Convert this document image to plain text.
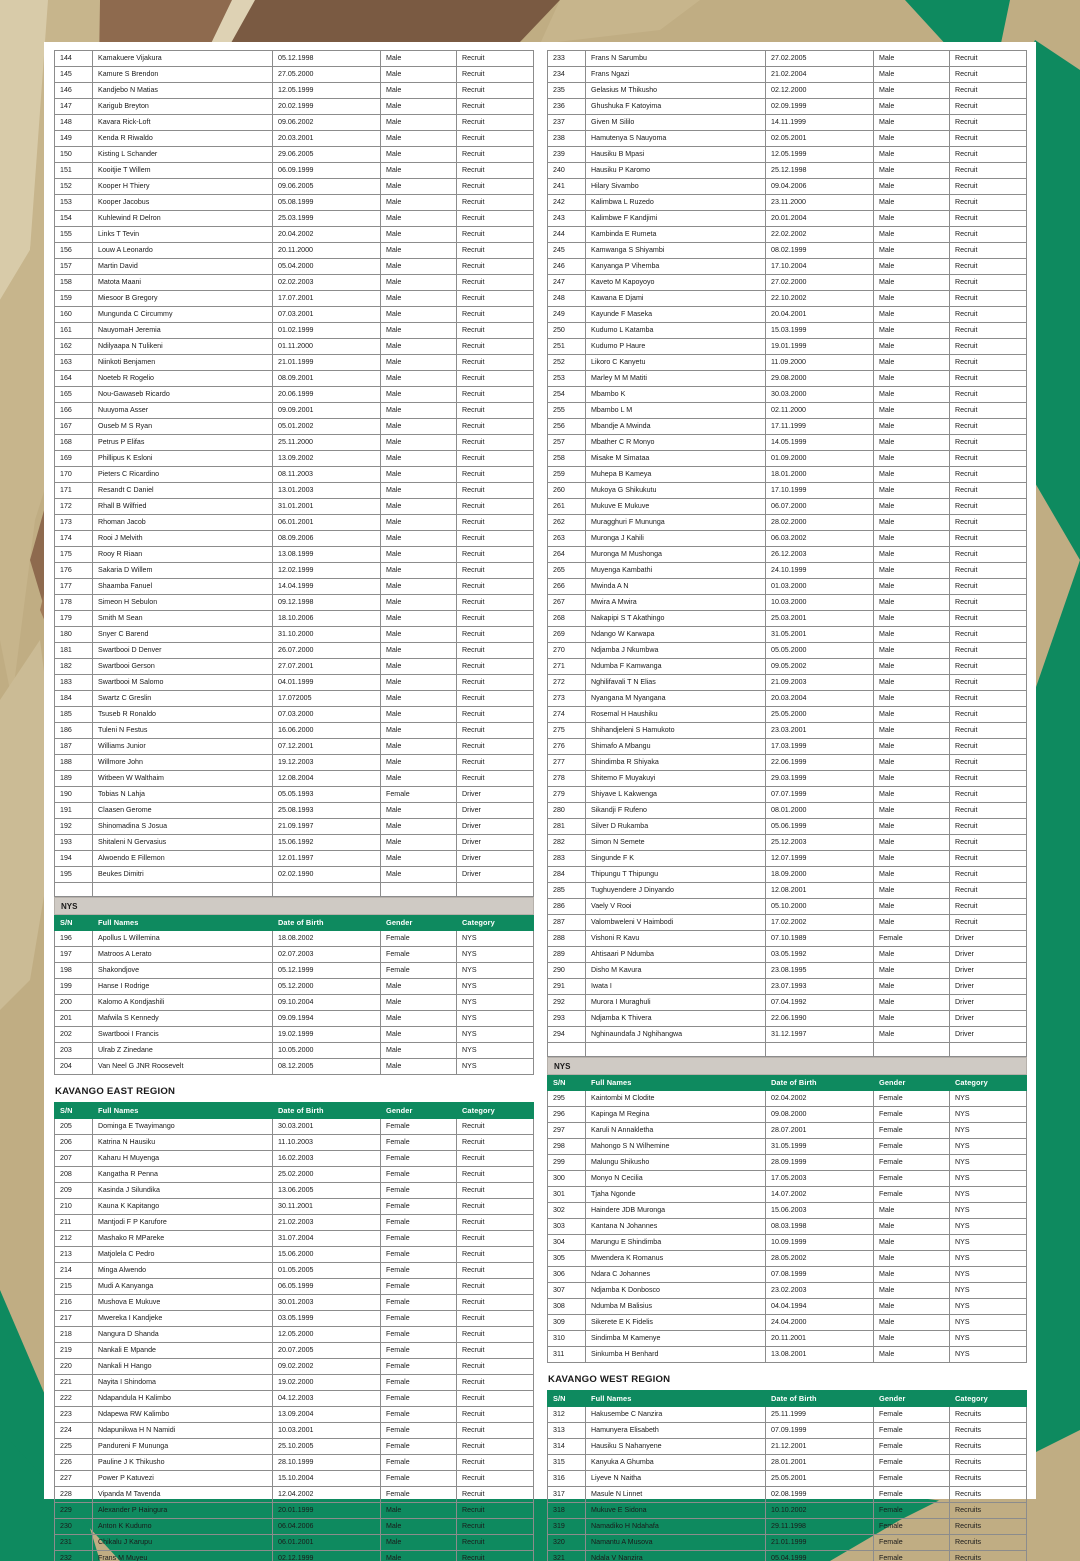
144	Kamakuere Vijakura	05.12.1998	Male	Recruit
145	Kamure S Brendon	27.05.2000	Male	Recruit
146	Kandjebo N Matias	12.05.1999	Male	Recruit
147	Karigub Breyton	20.02.1999	Male	Recruit
148	Kavara Rick-Loft	09.06.2002	Male	Recruit
149	Kenda R Riwaldo	20.03.2001	Male	Recruit
150	Kisting L Schander	29.06.2005	Male	Recruit
151	Kooitjie T Willem	06.09.1999	Male	Recruit
152	Kooper H Thiery	09.06.2005	Male	Recruit
153	Kooper Jacobus	05.08.1999	Male	Recruit
154	Kuhlewind R Delron	25.03.1999	Male	Recruit
155	Links T Tevin	20.04.2002	Male	Recruit
156	Louw A Leonardo	20.11.2000	Male	Recruit
157	Martin David	05.04.2000	Male	Recruit
158	Matota Maani	02.02.2003	Male	Recruit
159	Miesoor B Gregory	17.07.2001	Male	Recruit
160	Mungunda C Circummy	07.03.2001	Male	Recruit
161	NauyomaH Jeremia	01.02.1999	Male	Recruit
162	Ndilyaapa N Tulikeni	01.11.2000	Male	Recruit
163	Niinkoti Benjamen	21.01.1999	Male	Recruit
164	Noeteb R Rogelio	08.09.2001	Male	Recruit
165	Nou-Gawaseb Ricardo	20.06.1999	Male	Recruit
166	Nuuyoma Asser	09.09.2001	Male	Recruit
167	Ouseb M S Ryan	05.01.2002	Male	Recruit
168	Petrus P Elifas	25.11.2000	Male	Recruit
169	Phillipus K Esloni	13.09.2002	Male	Recruit
170	Pieters C Ricardino	08.11.2003	Male	Recruit
171	Resandt C Daniel	13.01.2003	Male	Recruit
172	Rhall B Wilfried	31.01.2001	Male	Recruit
173	Rhoman Jacob	06.01.2001	Male	Recruit
174	Rooi J Melvith	08.09.2006	Male	Recruit
175	Rooy R Riaan	13.08.1999	Male	Recruit
176	Sakaria D Willem	12.02.1999	Male	Recruit
177	Shaamba Fanuel	14.04.1999	Male	Recruit
178	Simeon H Sebulon	09.12.1998	Male	Recruit
179	Smith M Sean	18.10.2006	Male	Recruit
180	Snyer C Barend	31.10.2000	Male	Recruit
181	Swartbooi D Denver	26.07.2000	Male	Recruit
182	Swartbooi Gerson	27.07.2001	Male	Recruit
183	Swartbooi M Salomo	04.01.1999	Male	Recruit
184	Swartz C Greslin	17.072005	Male	Recruit
185	Tsuseb R Ronaldo	07.03.2000	Male	Recruit
186	Tuleni N Festus	16.06.2000	Male	Recruit
187	Williams Junior	07.12.2001	Male	Recruit
188	Willmore John	19.12.2003	Male	Recruit
189	Witbeen W Walthaim	12.08.2004	Male	Recruit
190	Tobias N Lahja	05.05.1993	Female	Driver
191	Claasen Gerome	25.08.1993	Male	Driver
192	Shinomadina S Josua	21.09.1997	Male	Driver
193	Shitaleni N Gervasius	15.06.1992	Male	Driver
194	Alwoendo E Fillemon	12.01.1997	Male	Driver
195	Beukes Dimitri	02.02.1990	Male	Driver

NYS				
S/N	Full Names	Date of Birth	Gender	Category
196	Apollus L Willemina	18.08.2002	Female	NYS
197	Matroos A Lerato	02.07.2003	Female	NYS
198	Shakondjove	05.12.1999	Female	NYS
199	Hanse I Rodrige	05.12.2000	Male	NYS
200	Kalomo A Kondjashili	09.10.2004	Male	NYS
201	Mafwila S Kennedy	09.09.1994	Male	NYS
202	Swartbooi I Francis	19.02.1999	Male	NYS
203	Ulrab Z Zinedane	10.05.2000	Male	NYS
204	Van Neel G JNR Roosevelt	08.12.2005	Male	NYS
KAVANGO EAST REGION
S/N	Full Names	Date of Birth	Gender	Category
205	Dominga E Twayimango	30.03.2001	Female	Recruit
206	Katrina N Hausiku	11.10.2003	Female	Recruit
207	Kaharu H Muyenga	16.02.2003	Female	Recruit
208	Kangatha R Penna	25.02.2000	Female	Recruit
209	Kasinda J Silundika	13.06.2005	Female	Recruit
210	Kauna K Kapitango	30.11.2001	Female	Recruit
211	Mantjodi F P Karufore	21.02.2003	Female	Recruit
212	Mashako R MPareke	31.07.2004	Female	Recruit
213	Matjolela C Pedro	15.06.2000	Female	Recruit
214	Minga Alwendo	01.05.2005	Female	Recruit
215	Mudi A Kanyanga	06.05.1999	Female	Recruit
216	Mushova E Mukuve	30.01.2003	Female	Recruit
217	Mwereka I Kandjeke	03.05.1999	Female	Recruit
218	Nangura D Shanda	12.05.2000	Female	Recruit
219	Nankali E Mpande	20.07.2005	Female	Recruit
220	Nankali H Hango	09.02.2002	Female	Recruit
221	Nayita I Shindoma	19.02.2000	Female	Recruit
222	Ndapandula H Kalimbo	04.12.2003	Female	Recruit
223	Ndapewa RW Kalimbo	13.09.2004	Female	Recruit
224	Ndapunikwa H N Namidi	10.03.2001	Female	Recruit
225	Pandureni F Mununga	25.10.2005	Female	Recruit
226	Pauline J K Thikusho	28.10.1999	Female	Recruit
227	Power P Katuvezi	15.10.2004	Female	Recruit
228	Vipanda M Tavenda	12.04.2002	Female	Recruit
229	Alexander P Haingura	20.01.1999	Male	Recruit
230	Anton K Kudumo	06.04.2006	Male	Recruit
231	Chikalu J Karupu	06.01.2001	Male	Recruit
232	Frans M Muyeu	02.12.1999	Male	Recruit
233	Frans N Sarumbu	27.02.2005	Male	Recruit
234	Frans Ngazi	21.02.2004	Male	Recruit
235	Gelasius M Thikusho	02.12.2000	Male	Recruit
236	Ghushuka F Katoyima	02.09.1999	Male	Recruit
237	Given M Sililo	14.11.1999	Male	Recruit
238	Hamutenya S Nauyoma	02.05.2001	Male	Recruit
239	Hausiku B Mpasi	12.05.1999	Male	Recruit
240	Hausiku P Karomo	25.12.1998	Male	Recruit
241	Hilary Sivambo	09.04.2006	Male	Recruit
242	Kalimbwa L Ruzedo	23.11.2000	Male	Recruit
243	Kalimbwe F Kandjimi	20.01.2004	Male	Recruit
244	Kambinda E Rumeta	22.02.2002	Male	Recruit
245	Kamwanga S Shiyambi	08.02.1999	Male	Recruit
246	Kanyanga P Vihemba	17.10.2004	Male	Recruit
247	Kaveto M Kapoyoyo	27.02.2000	Male	Recruit
248	Kawana E Djami	22.10.2002	Male	Recruit
249	Kayunde F Maseka	20.04.2001	Male	Recruit
250	Kudumo L Katamba	15.03.1999	Male	Recruit
251	Kudumo P Haure	19.01.1999	Male	Recruit
252	Likoro C Kanyetu	11.09.2000	Male	Recruit
253	Marley M M Matiti	29.08.2000	Male	Recruit
254	Mbambo K	30.03.2000	Male	Recruit
255	Mbambo L M	02.11.2000	Male	Recruit
256	Mbandje A Mwinda	17.11.1999	Male	Recruit
257	Mbather C R Monyo	14.05.1999	Male	Recruit
258	Misake M Simataa	01.09.2000	Male	Recruit
259	Muhepa B Kameya	18.01.2000	Male	Recruit
260	Mukoya G Shikukutu	17.10.1999	Male	Recruit
261	Mukuve E Mukuve	06.07.2000	Male	Recruit
262	Muragghuri F Mununga	28.02.2000	Male	Recruit
263	Muronga J Kahili	06.03.2002	Male	Recruit
264	Muronga M Mushonga	26.12.2003	Male	Recruit
265	Muyenga Kambathi	24.10.1999	Male	Recruit
266	Mwinda A N	01.03.2000	Male	Recruit
267	Mwira A Mwira	10.03.2000	Male	Recruit
268	Nakapipi S T Akathingo	25.03.2001	Male	Recruit
269	Ndango W Karwapa	31.05.2001	Male	Recruit
270	Ndjamba J Nkumbwa	05.05.2000	Male	Recruit
271	Ndumba F Kamwanga	09.05.2002	Male	Recruit
272	Nghilifavali T N Elias	21.09.2003	Male	Recruit
273	Nyangana M Nyangana	20.03.2004	Male	Recruit
274	Rosemal H Haushiku	25.05.2000	Male	Recruit
275	Shihandjeleni S Hamukoto	23.03.2001	Male	Recruit
276	Shimafo A Mbangu	17.03.1999	Male	Recruit
277	Shindimba R Shiyaka	22.06.1999	Male	Recruit
278	Shitemo F Muyakuyi	29.03.1999	Male	Recruit
279	Shiyave L Kakwenga	07.07.1999	Male	Recruit
280	Sikandji F Rufeno	08.01.2000	Male	Recruit
281	Silver D Rukamba	05.06.1999	Male	Recruit
282	Simon N Semete	25.12.2003	Male	Recruit
283	Singunde F K	12.07.1999	Male	Recruit
284	Thipungu T Thipungu	18.09.2000	Male	Recruit
285	Tughuyendere J Dinyando	12.08.2001	Male	Recruit
286	Vaely V Rooi	05.10.2000	Male	Recruit
287	Valombweleni V Haimbodi	17.02.2002	Male	Recruit
288	Vishoni R Kavu	07.10.1989	Female	Driver
289	Ahtisaari P Ndumba	03.05.1992	Male	Driver
290	Disho M Kavura	23.08.1995	Male	Driver
291	Iwata I	23.07.1993	Male	Driver
292	Murora I Muraghuli	07.04.1992	Male	Driver
293	Ndjamba K Thivera	22.06.1990	Male	Driver
294	Nghinaundafa J Nghihangwa	31.12.1997	Male	Driver

NYS				
S/N	Full Names	Date of Birth	Gender	Category
295	Kaintombi M Clodite	02.04.2002	Female	NYS
296	Kapinga M Regina	09.08.2000	Female	NYS
297	Karuli N Annakletha	28.07.2001	Female	NYS
298	Mahongo S N Wilhemine	31.05.1999	Female	NYS
299	Malungu Shikusho	28.09.1999	Female	NYS
300	Monyo N Cecilia	17.05.2003	Female	NYS
301	Tjaha Ngonde	14.07.2002	Female	NYS
302	Haindere JDB Muronga	15.06.2003	Male	NYS
303	Kantana N Johannes	08.03.1998	Male	NYS
304	Marungu E Shindimba	10.09.1999	Male	NYS
305	Mwendera K Romanus	28.05.2002	Male	NYS
306	Ndara C Johannes	07.08.1999	Male	NYS
307	Ndjamba K Donbosco	23.02.2003	Male	NYS
308	Ndumba M Balisius	04.04.1994	Male	NYS
309	Sikerete E K Fidelis	24.04.2000	Male	NYS
310	Sindimba M Kamenye	20.11.2001	Male	NYS
311	Sinkumba H Benhard	13.08.2001	Male	NYS
KAVANGO WEST REGION
S/N	Full Names	Date of Birth	Gender	Category
312	Hakusembe C Nanzira	25.11.1999	Female	Recruits
313	Hamunyera Elisabeth	07.09.1999	Female	Recruits
314	Hausiku S Nahanyene	21.12.2001	Female	Recruits
315	Kanyuka A Ghumba	28.01.2001	Female	Recruits
316	Liyeve N Naitha	25.05.2001	Female	Recruits
317	Masule N Linnet	02.08.1999	Female	Recruits
318	Mukuve E Sidona	10.10.2002	Female	Recruits
319	Namadiko H Ndahafa	29.11.1998	Female	Recruits
320	Namantu A Musova	21.01.1999	Female	Recruits
321	Ndala V Nanzira	05.04.1999	Female	Recruits
